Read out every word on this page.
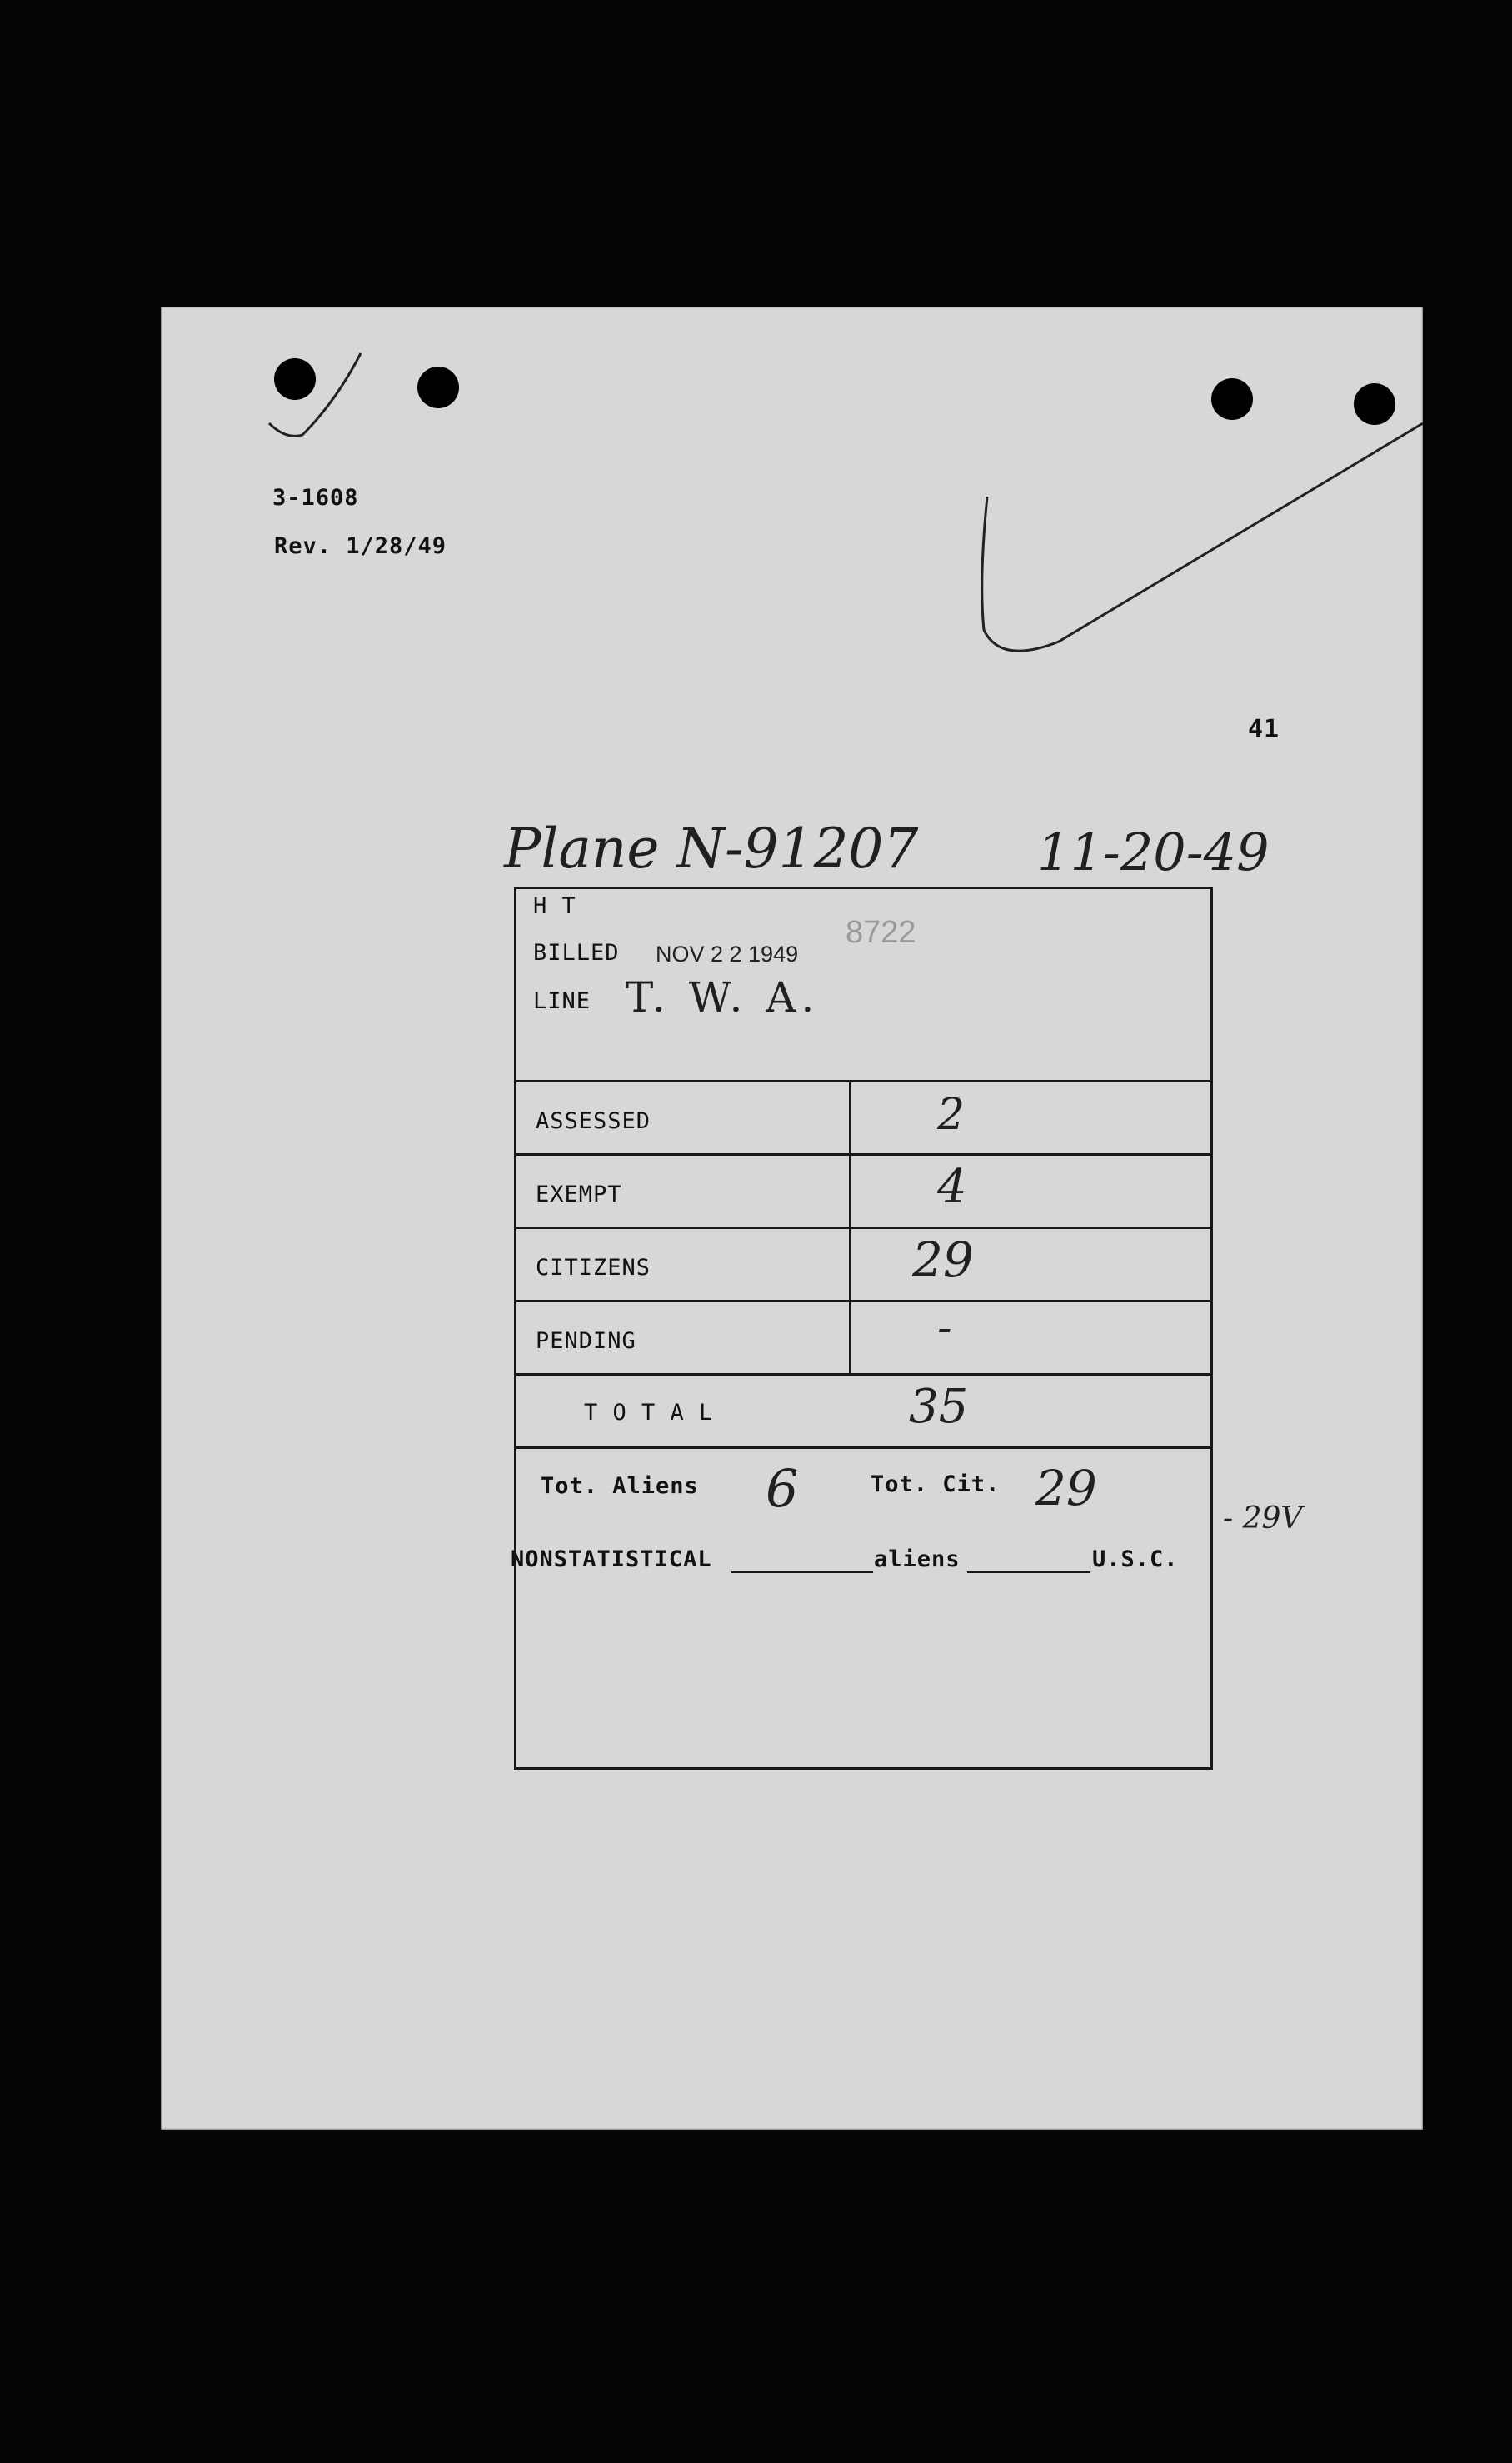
3-1608
Rev. 1/28/49
41
Plane N-91207 11-20-49
H T
BILLED NOV 2 2 1949
8722
LINE T. W. A.
ASSESSED	2
EXEMPT	4
CITIZENS	29
PENDING	-
T O T A L	35
Tot. Aliens 6	Tot. Cit. 29
- 29V
NONSTATISTICAL	aliens	U.S.C.
